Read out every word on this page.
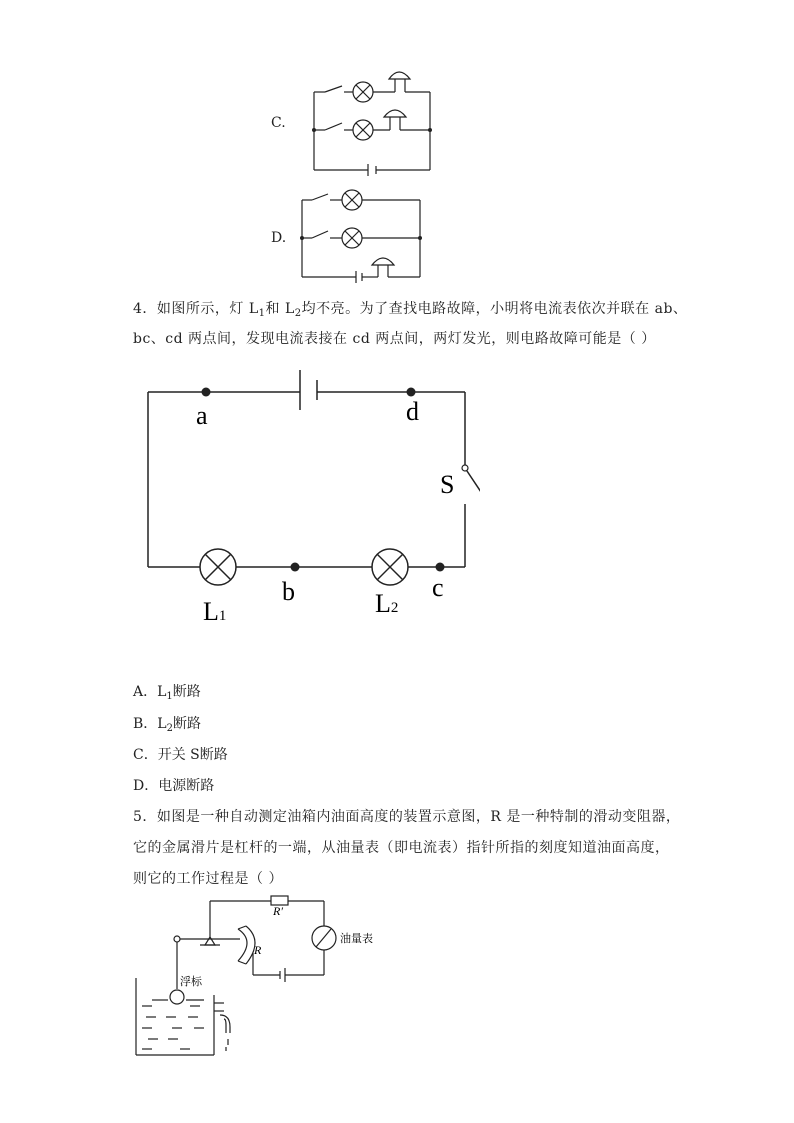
C.
D.
4．如图所示，灯 $L_1$和 $L_2$均不亮。为了查找电路故障，小明将电流表依次并联在 ab、
bc、cd 两点间，发现电流表接在 cd 两点间，两灯发光，则电路故障可能是（ ）
a	d
S
b	c
L1	L2
A．$L_1$断路
B．$L_2$断路
C．开关 S断路
D．电源断路
5．如图是一种自动测定油箱内油面高度的装置示意图，R 是一种特制的滑动变阻器，
它的金属滑片是杠杆的一端，从油量表（即电流表）指针所指的刻度知道油面高度，
则它的工作过程是（ ）
R′
R
油量表
浮标
